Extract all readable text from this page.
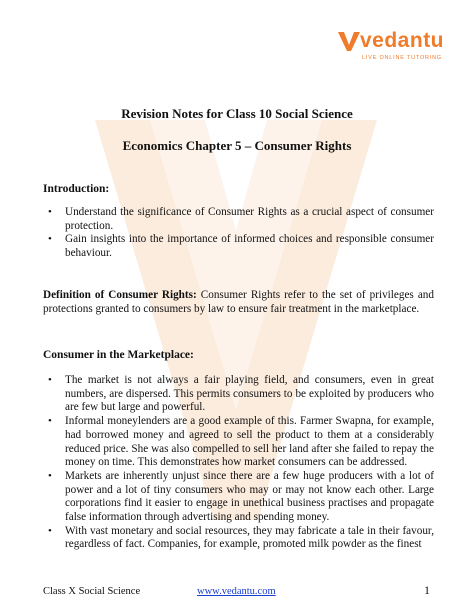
vedantu
LIVE ONLINE TUTORING
Revision Notes for Class 10 Social Science
Economics Chapter 5 – Consumer Rights
Introduction:
• Understand the significance of Consumer Rights as a crucial aspect of consumer protection.
• Gain insights into the importance of informed choices and responsible consumer behaviour.

Definition of Consumer Rights: Consumer Rights refer to the set of privileges and protections granted to consumers by law to ensure fair treatment in the marketplace.

Consumer in the Marketplace:
• The market is not always a fair playing field, and consumers, even in great numbers, are dispersed. This permits consumers to be exploited by producers who are few but large and powerful.
• Informal moneylenders are a good example of this. Farmer Swapna, for example, had borrowed money and agreed to sell the product to them at a considerably reduced price. She was also compelled to sell her land after she failed to repay the money on time. This demonstrates how market consumers can be addressed.
• Markets are inherently unjust since there are a few huge producers with a lot of power and a lot of tiny consumers who may or may not know each other. Large corporations find it easier to engage in unethical business practises and propagate false information through advertising and spending money.
• With vast monetary and social resources, they may fabricate a tale in their favour, regardless of fact. Companies, for example, promoted milk powder as the finest
Class X Social Science	www.vedantu.com	1
